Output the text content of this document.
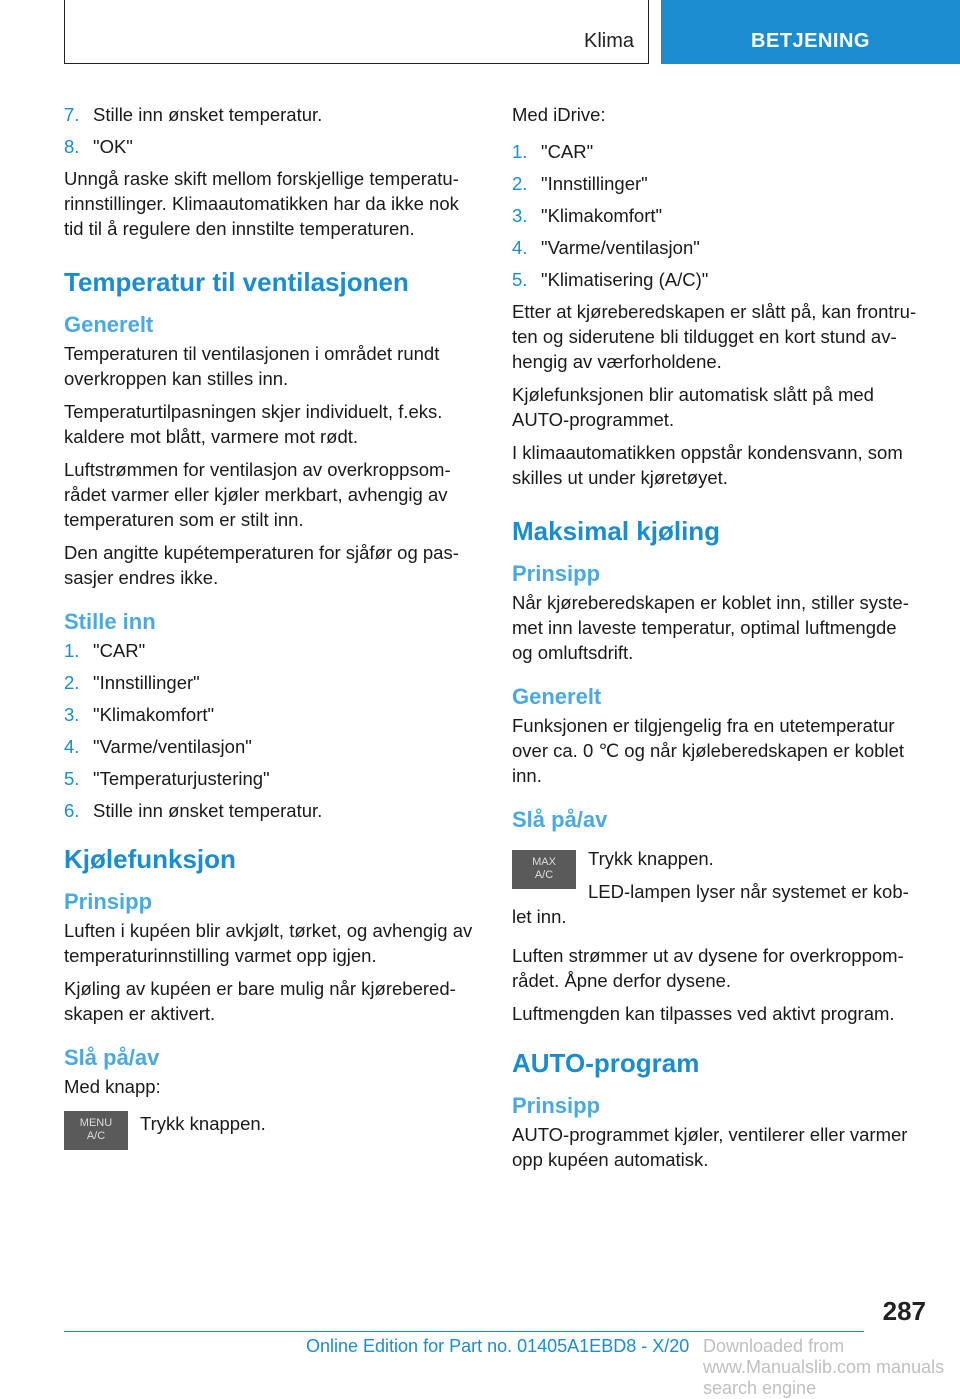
Klima	BETJENING
7. Stille inn ønsket temperatur.
8. "OK"

Unngå raske skift mellom forskjellige temperaturinnstillinger. Klimaautomatikken har da ikke nok tid til å regulere den innstilte temperaturen.

Temperatur til ventilasjonen
Generelt

Temperaturen til ventilasjonen i området rundt overkroppen kan stilles inn.

Temperaturtilpasningen skjer individuelt, f.eks. kaldere mot blått, varmere mot rødt.

Luftstrømmen for ventilasjon av overkroppsområdet varmer eller kjøler merkbart, avhengig av temperaturen som er stilt inn.

Den angitte kupétemperaturen for sjåfør og passasjer endres ikke.

Stille inn
1. "CAR"
2. "Innstillinger"
3. "Klimakomfort"
4. "Varme/ventilasjon"
5. "Temperaturjustering"
6. Stille inn ønsket temperatur.
Kjølefunksjon
Prinsipp

Luften i kupéen blir avkjølt, tørket, og avhengig av temperaturinnstilling varmet opp igjen.

Kjøling av kupéen er bare mulig når kjøreberedskapen er aktivert.

Slå på/av

Med knapp:

MENU
A/C
Trykk knappen.

Med iDrive:

1. "CAR"
2. "Innstillinger"
3. "Klimakomfort"
4. "Varme/ventilasjon"
5. "Klimatisering (A/C)"

Etter at kjøreberedskapen er slått på, kan frontruten og siderutene bli tildugget en kort stund avhengig av værforholdene.

Kjølefunksjonen blir automatisk slått på med AUTO-programmet.

I klimaautomatikken oppstår kondensvann, som skilles ut under kjøretøyet.

Maksimal kjøling
Prinsipp

Når kjøreberedskapen er koblet inn, stiller systemet inn laveste temperatur, optimal luftmengde og omluftsdrift.

Generelt

Funksjonen er tilgjengelig fra en utetemperatur over ca. 0 ℃ og når kjøleberedskapen er koblet inn.

Slå på/av
MAX
A/C

Trykk knappen.

LED-lampen lyser når systemet er koblet inn.

Luften strømmer ut av dysene for overkroppområdet. Åpne derfor dysene.

Luftmengden kan tilpasses ved aktivt program.

AUTO-program
Prinsipp

AUTO-programmet kjøler, ventilerer eller varmer opp kupéen automatisk.

287
Online Edition for Part no. 01405A1EBD8 - X/20 Downloaded from www.Manualslib.com manuals search engine
